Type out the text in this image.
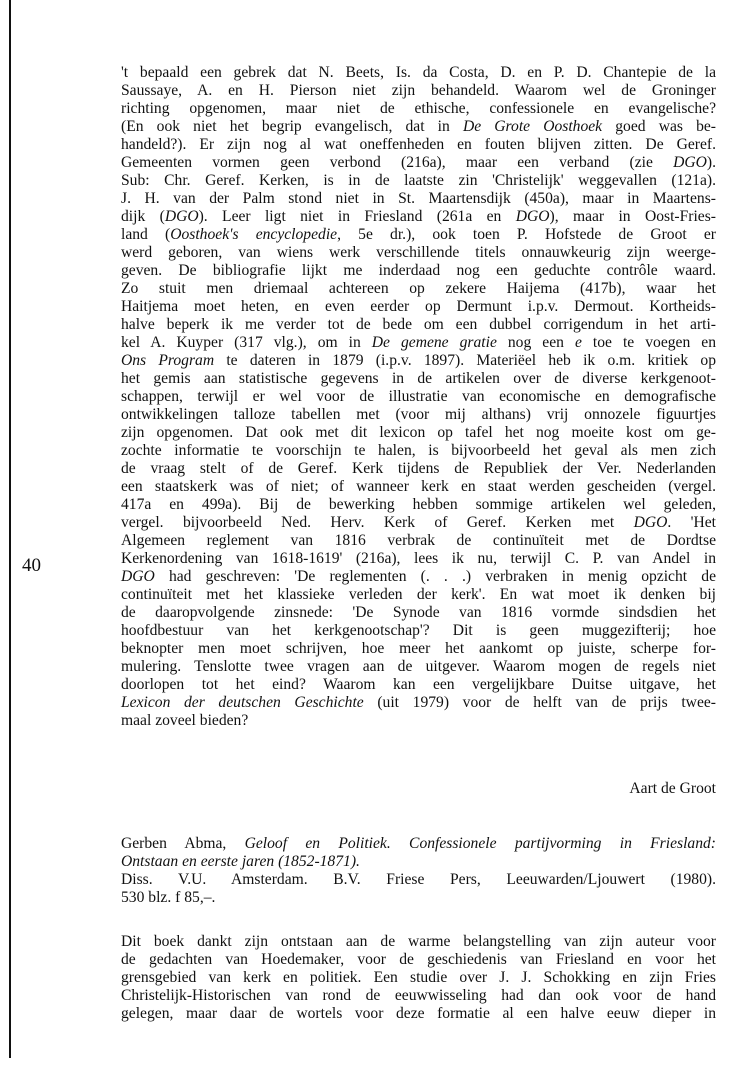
40
't bepaald een gebrek dat N. Beets, Is. da Costa, D. en P. D. Chantepie de la
Saussaye, A. en H. Pierson niet zijn behandeld. Waarom wel de Groninger
richting opgenomen, maar niet de ethische, confessionele en evangelische?
(En ook niet het begrip evangelisch, dat in De Grote Oosthoek goed was be-
handeld?). Er zijn nog al wat oneffenheden en fouten blijven zitten. De Geref.
Gemeenten vormen geen verbond (216a), maar een verband (zie DGO).
Sub: Chr. Geref. Kerken, is in de laatste zin 'Christelijk' weggevallen (121a).
J. H. van der Palm stond niet in St. Maartensdijk (450a), maar in Maartens-
dijk (DGO). Leer ligt niet in Friesland (261a en DGO), maar in Oost-Fries-
land (Oosthoek's encyclopedie, 5e dr.), ook toen P. Hofstede de Groot er
werd geboren, van wiens werk verschillende titels onnauwkeurig zijn weerge-
geven. De bibliografie lijkt me inderdaad nog een geduchte contrôle waard.
Zo stuit men driemaal achtereen op zekere Haijema (417b), waar het
Haitjema moet heten, en even eerder op Dermunt i.p.v. Dermout. Kortheids-
halve beperk ik me verder tot de bede om een dubbel corrigendum in het arti-
kel A. Kuyper (317 vlg.), om in De gemene gratie nog een e toe te voegen en
Ons Program te dateren in 1879 (i.p.v. 1897). Materiëel heb ik o.m. kritiek op
het gemis aan statistische gegevens in de artikelen over de diverse kerkgenoot-
schappen, terwijl er wel voor de illustratie van economische en demografische
ontwikkelingen talloze tabellen met (voor mij althans) vrij onnozele figuurtjes
zijn opgenomen. Dat ook met dit lexicon op tafel het nog moeite kost om ge-
zochte informatie te voorschijn te halen, is bijvoorbeeld het geval als men zich
de vraag stelt of de Geref. Kerk tijdens de Republiek der Ver. Nederlanden
een staatskerk was of niet; of wanneer kerk en staat werden gescheiden (vergel.
417a en 499a). Bij de bewerking hebben sommige artikelen wel geleden,
vergel. bijvoorbeeld Ned. Herv. Kerk of Geref. Kerken met DGO. 'Het
Algemeen reglement van 1816 verbrak de continuïteit met de Dordtse
Kerkenordening van 1618-1619' (216a), lees ik nu, terwijl C. P. van Andel in
DGO had geschreven: 'De reglementen (. . .) verbraken in menig opzicht de
continuïteit met het klassieke verleden der kerk'. En wat moet ik denken bij
de daaropvolgende zinsnede: 'De Synode van 1816 vormde sindsdien het
hoofdbestuur van het kerkgenootschap'? Dit is geen muggezifterij; hoe
beknopter men moet schrijven, hoe meer het aankomt op juiste, scherpe for-
mulering. Tenslotte twee vragen aan de uitgever. Waarom mogen de regels niet
doorlopen tot het eind? Waarom kan een vergelijkbare Duitse uitgave, het
Lexicon der deutschen Geschichte (uit 1979) voor de helft van de prijs twee-
maal zoveel bieden?
Aart de Groot
Gerben Abma, Geloof en Politiek. Confessionele partijvorming in Friesland:
Ontstaan en eerste jaren (1852-1871).
Diss. V.U. Amsterdam. B.V. Friese Pers, Leeuwarden/Ljouwert (1980).
530 blz. f 85,–.
Dit boek dankt zijn ontstaan aan de warme belangstelling van zijn auteur voor
de gedachten van Hoedemaker, voor de geschiedenis van Friesland en voor het
grensgebied van kerk en politiek. Een studie over J. J. Schokking en zijn Fries
Christelijk-Historischen van rond de eeuwwisseling had dan ook voor de hand
gelegen, maar daar de wortels voor deze formatie al een halve eeuw dieper in
